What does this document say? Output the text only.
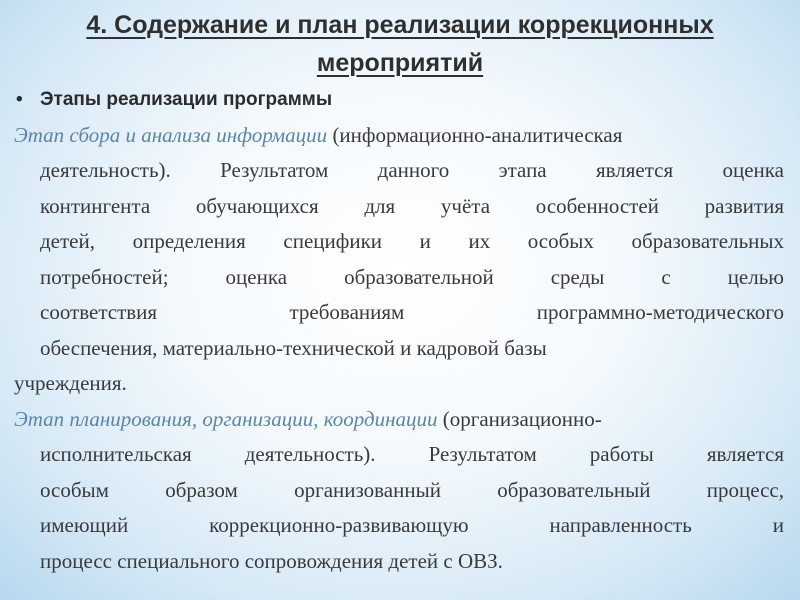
4. Содержание и план реализации коррекционных
мероприятий
• Этапы реализации программы
Этап сбора и анализа информации (информационно-аналитическая
деятельность). Результатом данного этапа является оценка
контингента обучающихся для учёта особенностей развития
детей, определения специфики и их особых образовательных
потребностей; оценка образовательной среды с целью
соответствия требованиям программно-методического
обеспечения, материально-технической и кадровой базы
учреждения.
Этап планирования, организации, координации (организационно-
исполнительская деятельность). Результатом работы является
особым образом организованный образовательный процесс,
имеющий коррекционно-развивающую направленность и
процесс специального сопровождения детей с ОВЗ.
